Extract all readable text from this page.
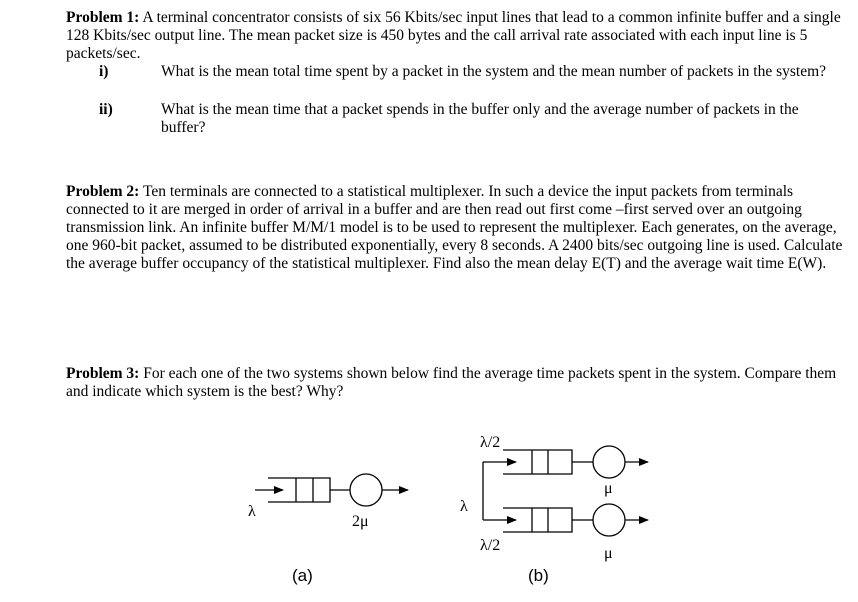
Problem 1: A terminal concentrator consists of six 56 Kbits/sec input lines that lead to a common infinite buffer and a single 128 Kbits/sec output line. The mean packet size is 450 bytes and the call arrival rate associated with each input line is 5 packets/sec.

i)	What is the mean total time spent by a packet in the system and the mean number of packets in the system?
ii)	What is the mean time that a packet spends in the buffer only and the average number of packets in the buffer?

Problem 2: Ten terminals are connected to a statistical multiplexer. In such a device the input packets from terminals connected to it are merged in order of arrival in a buffer and are then read out first come –first served over an outgoing transmission link. An infinite buffer M/M/1 model is to be used to represent the multiplexer. Each generates, on the average, one 960-bit packet, assumed to be distributed exponentially, every 8 seconds. A 2400 bits/sec outgoing line is used. Calculate the average buffer occupancy of the statistical multiplexer. Find also the mean delay E(T) and the average wait time E(W).

Problem 3: For each one of the two systems shown below find the average time packets spent in the system. Compare them and indicate which system is the best? Why?

λ
2μ
(a)
λ
λ/2
λ/2
μ
μ
(b)
